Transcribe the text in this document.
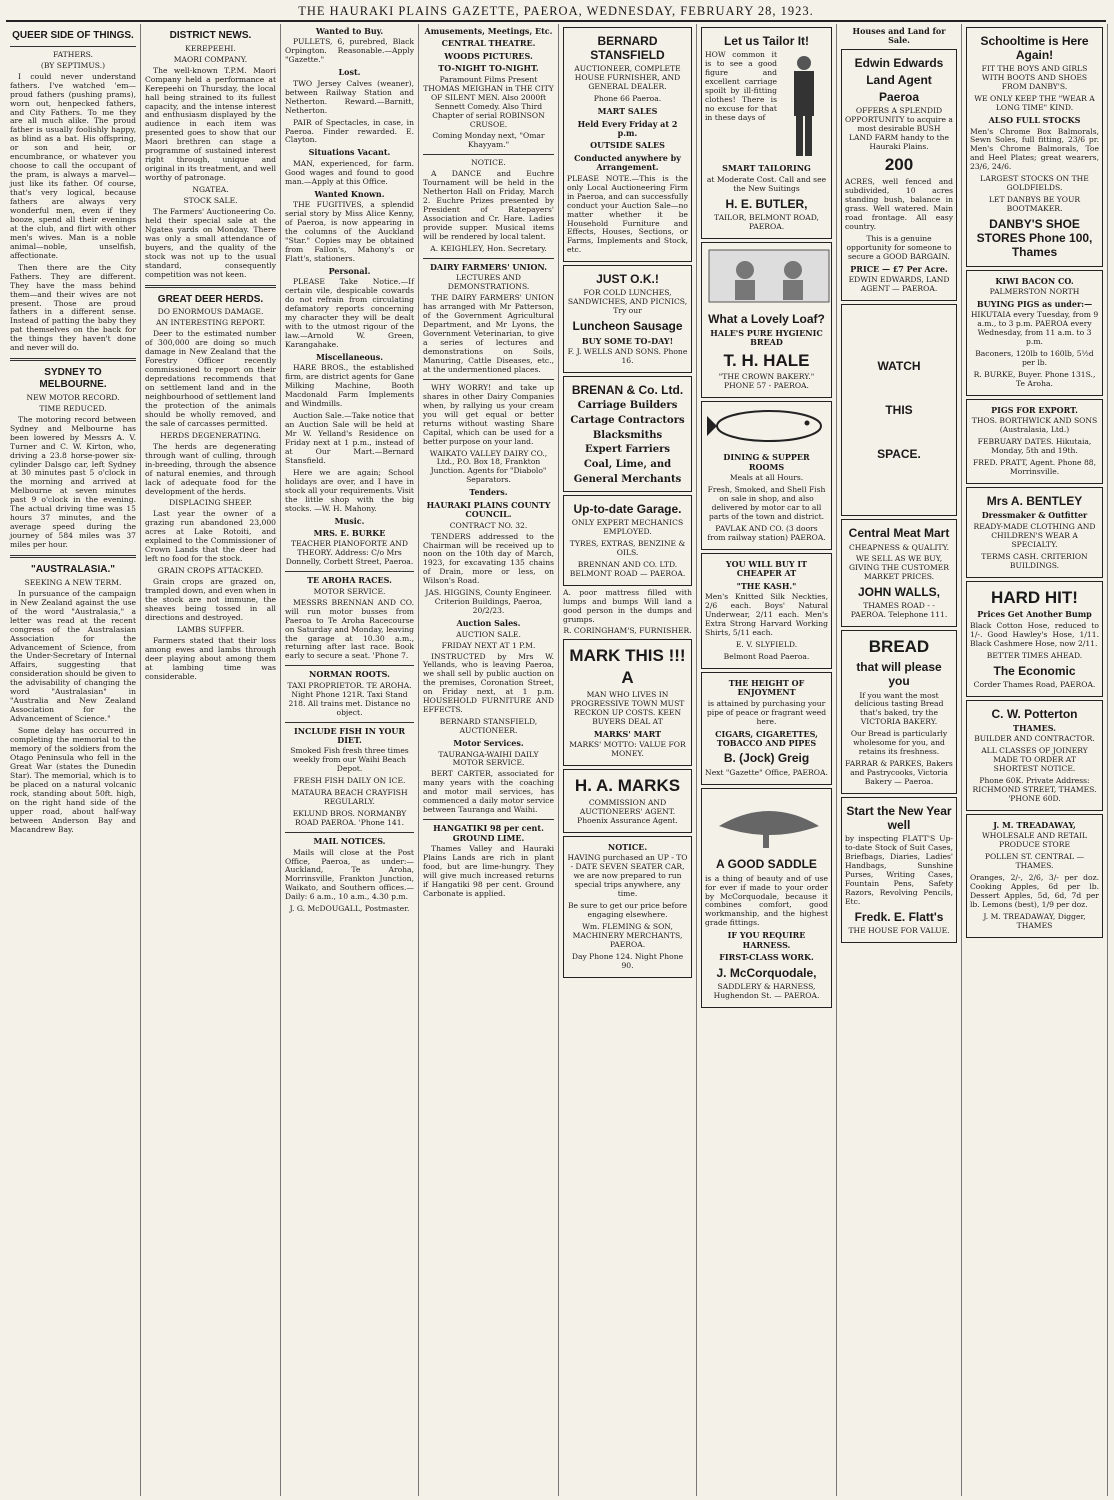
THE HAURAKI PLAINS GAZETTE, PAEROA, WEDNESDAY, FEBRUARY 28, 1923.
QUEER SIDE OF THINGS.
FATHERS.
(BY SEPTIMUS.)

I could never understand fathers. I've watched 'em—proud fathers (pushing prams), worn out, henpecked fathers, and City Fathers. To me they are all much alike. The proud father is usually foolishly happy, as blind as a bat. His offspring, or son and heir, or encumbrance, or whatever you choose to call the occupant of the pram, is always a marvel—just like its father. Of course, that's very logical, because fathers are always very wonderful men, even if they booze, spend all their evenings at the club, and flirt with other men's wives. Man is a noble animal—noble, unselfish, affectionate.

Then there are the City Fathers. They are different. They have the mass behind them—and their wives are not present. Those are proud fathers in a different sense. Instead of patting the baby they pat themselves on the back for the things they haven't done and never will do.

SYDNEY TO MELBOURNE.
NEW MOTOR RECORD.
TIME REDUCED.

The motoring record between Sydney and Melbourne has been lowered by Messrs A. V. Turner and C. W. Kirton, who, driving a 23.8 horse-power six-cylinder Dalsgo car, left Sydney at 30 minutes past 5 o'clock in the morning and arrived at Melbourne at seven minutes past 9 o'clock in the evening. The actual driving time was 15 hours 37 minutes, and the average speed during the journey of 584 miles was 37 miles per hour.

"AUSTRALASIA."
SEEKING A NEW TERM.

In pursuance of the campaign in New Zealand against the use of the word "Australasia," a letter was read at the recent congress of the Australasian Association for the Advancement of Science, from the Under-Secretary of Internal Affairs, suggesting that consideration should be given to the advisability of changing the word "Australasian" in "Australia and New Zealand Association for the Advancement of Science."

Some delay has occurred in completing the memorial to the memory of the soldiers from the Otago Peninsula who fell in the Great War (states the Dunedin Star). The memorial, which is to be placed on a natural volcanic rock, standing about 50ft. high, on the right hand side of the upper road, about half-way between Anderson Bay and Macandrew Bay.

DISTRICT NEWS.
KEREPEEHI.
MAORI COMPANY.

The well-known T.P.M. Maori Company held a performance at Kerepeehi on Thursday, the local hall being strained to its fullest capacity, and the intense interest and enthusiasm displayed by the audience in each item was presented goes to show that our Maori brethren can stage a programme of sustained interest right through, unique and original in its treatment, and well worthy of patronage.

NGATEA.
STOCK SALE.

The Farmers' Auctioneering Co. held their special sale at the Ngatea yards on Monday. There was only a small attendance of buyers, and the quality of the stock was not up to the usual standard, consequently competition was not keen.

GREAT DEER HERDS.
DO ENORMOUS DAMAGE.
AN INTERESTING REPORT.

Deer to the estimated number of 300,000 are doing so much damage in New Zealand that the Forestry Officer recently commissioned to report on their depredations recommends that on settlement land and in the neighbourhood of settlement land the protection of the animals should be wholly removed, and the sale of carcasses permitted.

HERDS DEGENERATING.

The herds are degenerating through want of culling, through in-breeding, through the absence of natural enemies, and through lack of adequate food for the development of the herds.

DISPLACING SHEEP.

Last year the owner of a grazing run abandoned 23,000 acres at Lake Rotoiti, and explained to the Commissioner of Crown Lands that the deer had left no food for the stock.

GRAIN CROPS ATTACKED.

Grain crops are grazed on, trampled down, and even when in the stock are not immune, the sheaves being tossed in all directions and destroyed.

LAMBS SUFFER.

Farmers stated that their loss among ewes and lambs through deer playing about among them at lambing time was considerable.

Wanted to Buy.

PULLETS, 6, purebred, Black Orpington. Reasonable.—Apply "Gazette."

Lost.

TWO Jersey Calves (weaner), between Railway Station and Netherton. Reward.—Barnitt, Netherton.

PAIR of Spectacles, in case, in Paeroa. Finder rewarded. E. Clayton.

Situations Vacant.

MAN, experienced, for farm. Good wages and found to good man.—Apply at this Office.

Wanted Known.

THE FUGITIVES, a splendid serial story by Miss Alice Kenny, of Paeroa, is now appearing in the columns of the Auckland "Star." Copies may be obtained from Fallon's, Mahony's or Flatt's, stationers.

Personal.

PLEASE Take Notice.—If certain vile, despicable cowards do not refrain from circulating defamatory reports concerning my character they will be dealt with to the utmost rigour of the law.—Arnold W. Green, Karangahake.

Miscellaneous.

HARE BROS., the established firm, are district agents for Gane Milking Machine, Booth Macdonald Farm Implements and Windmills.

Auction Sale.—Take notice that an Auction Sale will be held at Mr W. Yelland's Residence on Friday next at 1 p.m., instead of at Our Mart.—Bernard Stansfield.

Here we are again; School holidays are over, and I have in stock all your requirements. Visit the little shop with the big stocks. —W. H. Mahony.

Music.
MRS. E. BURKE

TEACHER PIANOFORTE AND THEORY. Address: C/o Mrs Donnelly, Corbett Street, Paeroa.

TE AROHA RACES.
MOTOR SERVICE.

MESSRS BRENNAN AND CO. will run motor busses from Paeroa to Te Aroha Racecourse on Saturday and Monday, leaving the garage at 10.30 a.m., returning after last race. Book early to secure a seat. 'Phone 7.

NORMAN ROOTS.

TAXI PROPRIETOR. TE AROHA. Night Phone 121R. Taxi Stand 218. All trains met. Distance no object.

INCLUDE FISH IN YOUR DIET.

Smoked Fish fresh three times weekly from our Waihi Beach Depot.

FRESH FISH DAILY ON ICE.

MATAURA BEACH CRAYFISH REGULARLY.

EKLUND BROS. NORMANBY ROAD PAEROA. 'Phone 141.

MAIL NOTICES.

Mails will close at the Post Office, Paeroa, as under:— Auckland, Te Aroha, Morrinsville, Frankton Junction, Waikato, and Southern offices.—Daily: 6 a.m., 10 a.m., 4.30 p.m.

J. G. McDOUGALL, Postmaster.

Amusements, Meetings, Etc.
CENTRAL THEATRE.
WOODS PICTURES.
TO-NIGHT TO-NIGHT.

Paramount Films Present THOMAS MEIGHAN in THE CITY OF SILENT MEN. Also 2000ft Sennett Comedy. Also Third Chapter of serial ROBINSON CRUSOE.

Coming Monday next, "Omar Khayyam."

NOTICE.

A DANCE and Euchre Tournament will be held in the Netherton Hall on Friday, March 2. Euchre Prizes presented by President of Ratepayers' Association and Cr. Hare. Ladies provide supper. Musical items will be rendered by local talent.

A. KEIGHLEY, Hon. Secretary.

DAIRY FARMERS' UNION.
LECTURES AND DEMONSTRATIONS.

THE DAIRY FARMERS' UNION has arranged with Mr Patterson, of the Government Agricultural Department, and Mr Lyons, the Government Veterinarian, to give a series of lectures and demonstrations on Soils, Manuring, Cattle Diseases, etc., at the undermentioned places.

WHY WORRY! and take up shares in other Dairy Companies when, by rallying us your cream you will get equal or better returns without wasting Share Capital, which can be used for a better purpose on your land.

WAIKATO VALLEY DAIRY CO., Ltd., P.O. Box 18, Frankton Junction. Agents for "Diabolo" Separators.

Tenders.
HAURAKI PLAINS COUNTY COUNCIL.
CONTRACT NO. 32.

TENDERS addressed to the Chairman will be received up to noon on the 10th day of March, 1923, for excavating 135 chains of Drain, more or less, on Wilson's Road.

JAS. HIGGINS, County Engineer. Criterion Buildings, Paeroa, 20/2/23.

Auction Sales.
AUCTION SALE.
FRIDAY NEXT AT 1 P.M.

INSTRUCTED by Mrs W. Yellands, who is leaving Paeroa, we shall sell by public auction on the premises, Coronation Street, on Friday next, at 1 p.m. HOUSEHOLD FURNITURE AND EFFECTS.

BERNARD STANSFIELD, AUCTIONEER.

Motor Services.
TAURANGA-WAIHI DAILY MOTOR SERVICE.

BERT CARTER, associated for many years with the coaching and motor mail services, has commenced a daily motor service between Tauranga and Waihi.

HANGATIKI 98 per cent. GROUND LIME.

Thames Valley and Hauraki Plains Lands are rich in plant food, but are lime-hungry. They will give much increased returns if Hangatiki 98 per cent. Ground Carbonate is applied.

BERNARD STANSFIELD

AUCTIONEER, COMPLETE HOUSE FURNISHER, AND GENERAL DEALER.

Phone 66 Paeroa.

MART SALES
Held Every Friday at 2 p.m.
OUTSIDE SALES
Conducted anywhere by Arrangement.

PLEASE NOTE.—This is the only Local Auctioneering Firm in Paeroa, and can successfully conduct your Auction Sale—no matter whether it be Household Furniture and Effects, Houses, Sections, or Farms, Implements and Stock, etc.

JUST O.K.!

FOR COLD LUNCHES, SANDWICHES, AND PICNICS, Try our

Luncheon Sausage
BUY SOME TO-DAY!

F. J. WELLS AND SONS. Phone 16.

BRENAN & Co. Ltd.
Carriage Builders
Cartage Contractors
Blacksmiths
Expert Farriers
Coal, Lime, and
General Merchants
Up-to-date Garage.

ONLY EXPERT MECHANICS EMPLOYED.

TYRES, EXTRAS, BENZINE & OILS.

BRENNAN AND CO. LTD. BELMONT ROAD — PAEROA.

A. poor mattress filled with lumps and bumps Will land a good person in the dumps and grumps.

R. CORINGHAM'S, FURNISHER.

MARK THIS !!!
A

MAN WHO LIVES IN PROGRESSIVE TOWN MUST RECKON UP COSTS. KEEN BUYERS DEAL AT

MARKS' MART

MARKS' MOTTO: VALUE FOR MONEY.

H. A. MARKS

COMMISSION AND AUCTIONEERS' AGENT. Phoenix Assurance Agent.

NOTICE.

HAVING purchased an UP - TO - DATE SEVEN SEATER CAR, we are now prepared to run special trips anywhere, any time.

Be sure to get our price before engaging elsewhere.

Wm. FLEMING & SON, MACHINERY MERCHANTS, PAEROA.

Day Phone 124. Night Phone 90.

Let us Tailor It!

HOW common it is to see a good figure and excellent carriage spoilt by ill-fitting clothes! There is no excuse for that in these days of

SMART TAILORING

at Moderate Cost. Call and see the New Suitings

H. E. BUTLER,

TAILOR, BELMONT ROAD, PAEROA.

What a Lovely Loaf?
HALE'S PURE HYGIENIC BREAD
T. H. HALE

"THE CROWN BAKERY." PHONE 57 - PAEROA.

DINING & SUPPER ROOMS

Meals at all Hours.

Fresh, Smoked, and Shell Fish on sale in shop, and also delivered by motor car to all parts of the town and district.

PAVLAK AND CO. (3 doors from railway station) PAEROA.

YOU WILL BUY IT CHEAPER AT
"THE KASH."

Men's Knitted Silk Neckties, 2/6 each. Boys' Natural Underwear, 2/11 each. Men's Extra Strong Harvard Working Shirts, 5/11 each.

E. V. SLYFIELD.

Belmont Road Paeroa.

THE HEIGHT OF ENJOYMENT

is attained by purchasing your pipe of peace or fragrant weed here.

CIGARS, CIGARETTES, TOBACCO AND PIPES
B. (Jock) Greig

Next "Gazette" Office, PAEROA.

A GOOD SADDLE

is a thing of beauty and of use for ever if made to your order by McCorquodale, because it combines comfort, good workmanship, and the highest grade fittings.

IF YOU REQUIRE HARNESS.
FIRST-CLASS WORK.
J. McCorquodale,

SADDLERY & HARNESS, Hughendon St. — PAEROA.

Houses and Land for Sale.
Edwin Edwards
Land Agent
Paeroa

OFFERS A SPLENDID OPPORTUNITY to acquire a most desirable BUSH LAND FARM handy to the Hauraki Plains.

200

ACRES, well fenced and subdivided, 10 acres standing bush, balance in grass. Well watered. Main road frontage. All easy country.

This is a genuine opportunity for someone to secure a GOOD BARGAIN.

PRICE — £7 Per Acre.

EDWIN EDWARDS, LAND AGENT — PAEROA.

WATCH
THIS
SPACE.
Central Meat Mart

CHEAPNESS & QUALITY.

WE SELL AS WE BUY, GIVING THE CUSTOMER MARKET PRICES.

JOHN WALLS,

THAMES ROAD - - PAEROA. Telephone 111.

BREAD
that will please you

If you want the most delicious tasting Bread that's baked, try the VICTORIA BAKERY.

Our Bread is particularly wholesome for you, and retains its freshness.

FARRAR & PARKES, Bakers and Pastrycooks, Victoria Bakery — Paeroa.

Start the New Year well

by inspecting FLATT'S Up-to-date Stock of Suit Cases, Briefbags, Diaries, Ladies' Handbags, Sunshine Purses, Writing Cases, Fountain Pens, Safety Razors, Revolving Pencils, Etc.

Fredk. E. Flatt's

THE HOUSE FOR VALUE.

Schooltime is Here Again!

FIT THE BOYS AND GIRLS WITH BOOTS AND SHOES FROM DANBY'S.

WE ONLY KEEP THE "WEAR A LONG TIME" KIND.

ALSO FULL STOCKS

Men's Chrome Box Balmorals, Sewn Soles, full fitting, 23/6 pr. Men's Chrome Balmorals, Toe and Heel Plates; great wearers, 23/6, 24/6.

LARGEST STOCKS ON THE GOLDFIELDS.

LET DANBYS BE YOUR BOOTMAKER.

DANBY'S SHOE STORES Phone 100, Thames
KIWI BACON CO.

PALMERSTON NORTH

BUYING PIGS as under:—

HIKUTAIA every Tuesday, from 9 a.m., to 3 p.m. PAEROA every Wednesday, from 11 a.m. to 3 p.m.

Baconers, 120lb to 160lb, 5½d per lb.

R. BURKE, Buyer. Phone 131S., Te Aroha.

PIGS FOR EXPORT.

THOS. BORTHWICK AND SONS (Australasia, Ltd.)

FEBRUARY DATES. Hikutaia, Monday, 5th and 19th.

FRED. PRATT, Agent. Phone 88, Morrinsville.

Mrs A. BENTLEY
Dressmaker & Outfitter

READY-MADE CLOTHING AND CHILDREN'S WEAR A SPECIALTY.

TERMS CASH. CRITERION BUILDINGS.

HARD HIT!
Prices Get Another Bump

Black Cotton Hose, reduced to 1/-. Good Hawley's Hose, 1/11. Black Cashmere Hose, now 2/11.

BETTER TIMES AHEAD.

The Economic

Corder Thames Road, PAEROA.

C. W. Potterton
THAMES.

BUILDER AND CONTRACTOR.

ALL CLASSES OF JOINERY MADE TO ORDER AT SHORTEST NOTICE.

Phone 60K. Private Address: RICHMOND STREET, THAMES. 'PHONE 60D.

J. M. TREADAWAY,

WHOLESALE AND RETAIL PRODUCE STORE

POLLEN ST. CENTRAL — THAMES.

Oranges, 2/-, 2/6, 3/- per doz. Cooking Apples, 6d per lb. Dessert Apples, 5d, 6d, 7d per lb. Lemons (best), 1/9 per doz.

J. M. TREADAWAY, Digger, THAMES
